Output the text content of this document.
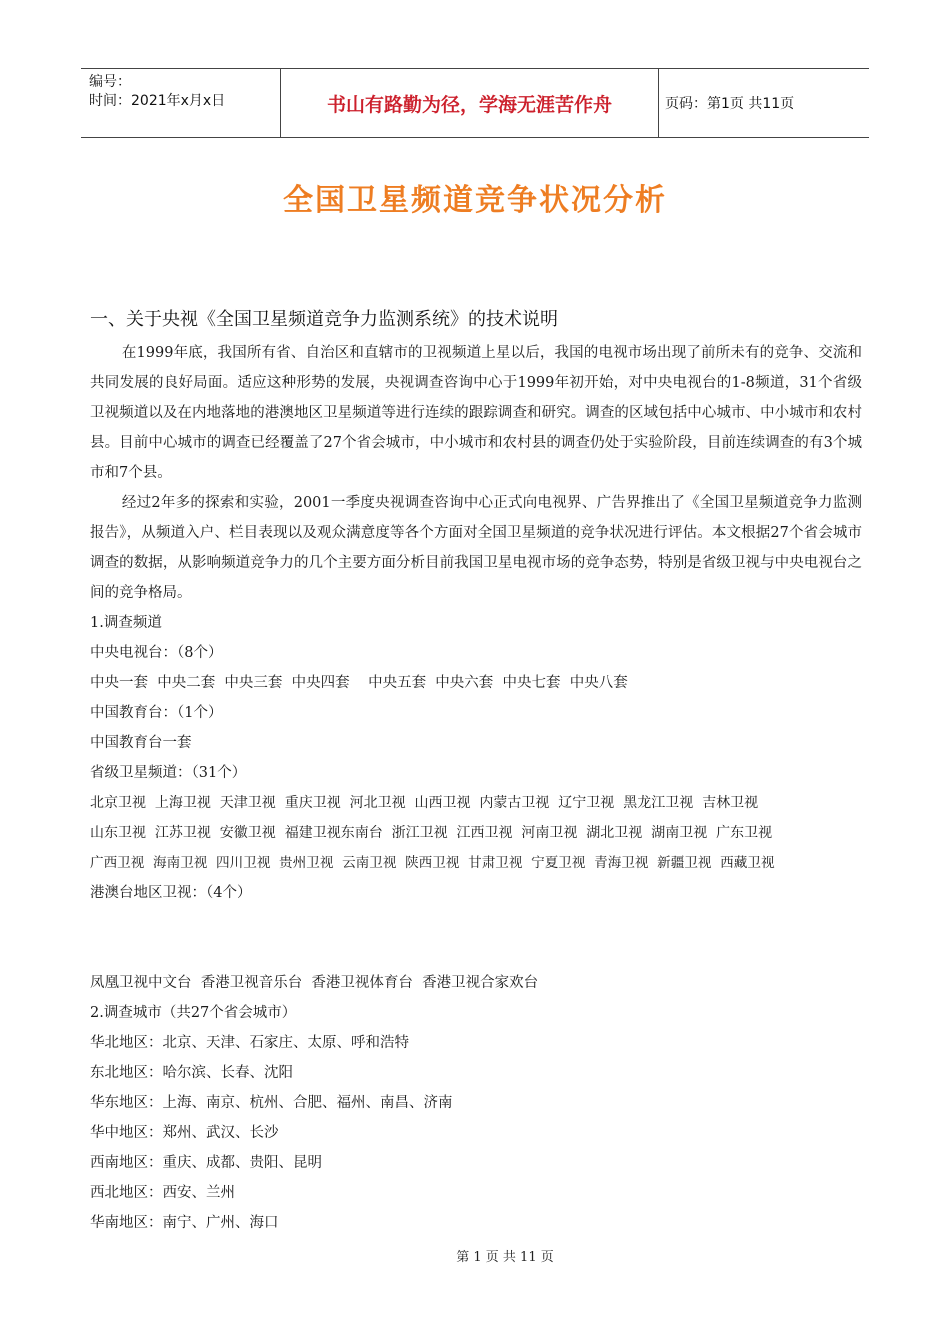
编号：
时间：2021年x月x日	书山有路勤为径，学海无涯苦作舟	页码：第1页 共11页
全国卫星频道竞争状况分析
一、关于央视《全国卫星频道竞争力监测系统》的技术说明

在1999年底，我国所有省、自治区和直辖市的卫视频道上星以后，我国的电视市场出现了前所未有的竞争、交流和共同发展的良好局面。适应这种形势的发展，央视调查咨询中心于1999年初开始，对中央电视台的1-8频道，31个省级卫视频道以及在内地落地的港澳地区卫星频道等进行连续的跟踪调查和研究。调查的区域包括中心城市、中小城市和农村县。目前中心城市的调查已经覆盖了27个省会城市，中小城市和农村县的调查仍处于实验阶段，目前连续调查的有3个城市和7个县。

经过2年多的探索和实验，2001一季度央视调查咨询中心正式向电视界、广告界推出了《全国卫星频道竞争力监测报告》，从频道入户、栏目表现以及观众满意度等各个方面对全国卫星频道的竞争状况进行评估。本文根据27个省会城市调查的数据，从影响频道竞争力的几个主要方面分析目前我国卫星电视市场的竞争态势，特别是省级卫视与中央电视台之间的竞争格局。

1.调查频道

中央电视台：（8个）

中央一套  中央二套  中央三套  中央四套    中央五套  中央六套  中央七套  中央八套

中国教育台：（1个）

中国教育台一套

省级卫星频道：（31个）

北京卫视  上海卫视  天津卫视  重庆卫视  河北卫视  山西卫视  内蒙古卫视  辽宁卫视  黑龙江卫视  吉林卫视

山东卫视  江苏卫视  安徽卫视  福建卫视东南台  浙江卫视  江西卫视  河南卫视  湖北卫视  湖南卫视  广东卫视

广西卫视  海南卫视  四川卫视  贵州卫视  云南卫视  陕西卫视  甘肃卫视  宁夏卫视  青海卫视  新疆卫视  西藏卫视

港澳台地区卫视：（4个）

凤凰卫视中文台  香港卫视音乐台  香港卫视体育台  香港卫视合家欢台

2.调查城市（共27个省会城市）

华北地区：北京、天津、石家庄、太原、呼和浩特

东北地区：哈尔滨、长春、沈阳

华东地区：上海、南京、杭州、合肥、福州、南昌、济南

华中地区：郑州、武汉、长沙

西南地区：重庆、成都、贵阳、昆明

西北地区：西安、兰州

华南地区：南宁、广州、海口

第 1 页 共 11 页
